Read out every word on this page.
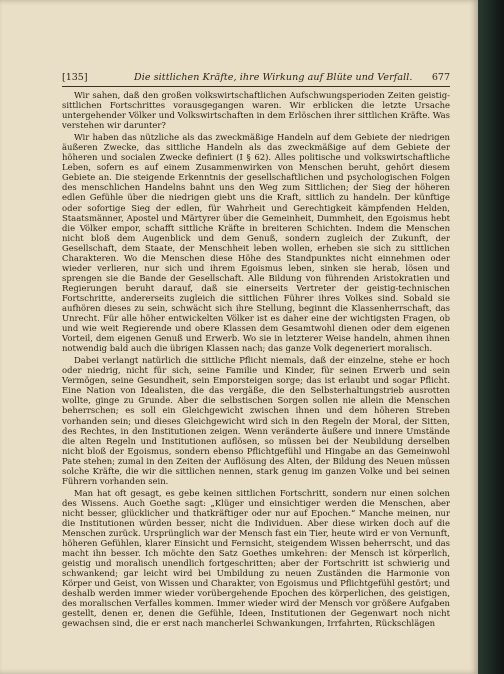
[135]	Die sittlichen Kräfte, ihre Wirkung auf Blüte und Verfall. 677

Wir sahen, daß den großen volkswirtschaftlichen Aufschwungsperioden Zeiten geistig-sittlichen Fortschrittes vorausgegangen waren. Wir erblicken die letzte Ursache untergehender Völker und Volkswirtschaften in dem Erlöschen ihrer sittlichen Kräfte. Was verstehen wir darunter?

Wir haben das nützliche als das zweckmäßige Handeln auf dem Gebiete der niedrigen äußeren Zwecke, das sittliche Handeln als das zweckmäßige auf dem Gebiete der höheren und socialen Zwecke definiert (I § 62). Alles politische und volkswirtschaftliche Leben, sofern es auf einem Zusammenwirken von Menschen beruht, gehört diesem Gebiete an. Die steigende Erkenntnis der gesellschaftlichen und psychologischen Folgen des menschlichen Handelns bahnt uns den Weg zum Sittlichen; der Sieg der höheren edlen Gefühle über die niedrigen giebt uns die Kraft, sittlich zu handeln. Der künftige oder sofortige Sieg der edlen, für Wahrheit und Gerechtigkeit kämpfenden Helden, Staatsmänner, Apostel und Märtyrer über die Gemeinheit, Dummheit, den Egoismus hebt die Völker empor, schafft sittliche Kräfte in breiteren Schichten. Indem die Menschen nicht bloß dem Augenblick und dem Genuß, sondern zugleich der Zukunft, der Gesellschaft, dem Staate, der Menschheit leben wollen, erheben sie sich zu sittlichen Charakteren. Wo die Menschen diese Höhe des Standpunktes nicht einnehmen oder wieder verlieren, nur sich und ihrem Egoismus leben, sinken sie herab, lösen und sprengen sie die Bande der Gesellschaft. Alle Bildung von führenden Aristokratien und Regierungen beruht darauf, daß sie einerseits Vertreter der geistig-technischen Fortschritte, andererseits zugleich die sittlichen Führer ihres Volkes sind. Sobald sie aufhören dieses zu sein, schwächt sich ihre Stellung, beginnt die Klassenherrschaft, das Unrecht. Für alle höher entwickelten Völker ist es daher eine der wichtigsten Fragen, ob und wie weit Regierende und obere Klassen dem Gesamtwohl dienen oder dem eigenen Vorteil, dem eigenen Genuß und Erwerb. Wo sie in letzterer Weise handeln, ahmen ihnen notwendig bald auch die übrigen Klassen nach; das ganze Volk degeneriert moralisch.

Dabei verlangt natürlich die sittliche Pflicht niemals, daß der einzelne, stehe er hoch oder niedrig, nicht für sich, seine Familie und Kinder, für seinen Erwerb und sein Vermögen, seine Gesundheit, sein Emporsteigen sorge; das ist erlaubt und sogar Pflicht. Eine Nation von Idealisten, die das vergäße, die den Selbsterhaltungstrieb ausrotten wollte, ginge zu Grunde. Aber die selbstischen Sorgen sollen nie allein die Menschen beherrschen; es soll ein Gleichgewicht zwischen ihnen und dem höheren Streben vorhanden sein; und dieses Gleichgewicht wird sich in den Regeln der Moral, der Sitten, des Rechtes, in den Institutionen zeigen. Wenn veränderte äußere und innere Umstände die alten Regeln und Institutionen auflösen, so müssen bei der Neubildung derselben nicht bloß der Egoismus, sondern ebenso Pflichtgefühl und Hingabe an das Gemeinwohl Pate stehen; zumal in den Zeiten der Auflösung des Alten, der Bildung des Neuen müssen solche Kräfte, die wir die sittlichen nennen, stark genug im ganzen Volke und bei seinen Führern vorhanden sein.

Man hat oft gesagt, es gebe keinen sittlichen Fortschritt, sondern nur einen solchen des Wissens. Auch Goethe sagt: „Klüger und einsichtiger werden die Menschen, aber nicht besser, glücklicher und thatkräftiger oder nur auf Epochen.“ Manche meinen, nur die Institutionen würden besser, nicht die Individuen. Aber diese wirken doch auf die Menschen zurück. Ursprünglich war der Mensch fast ein Tier, heute wird er von Vernunft, höheren Gefühlen, klarer Einsicht und Fernsicht, steigendem Wissen beherrscht, und das macht ihn besser. Ich möchte den Satz Goethes umkehren: der Mensch ist körperlich, geistig und moralisch unendlich fortgeschritten; aber der Fortschritt ist schwierig und schwankend; gar leicht wird bei Umbildung zu neuen Zuständen die Harmonie von Körper und Geist, von Wissen und Charakter, von Egoismus und Pflichtgefühl gestört; und deshalb werden immer wieder vorübergehende Epochen des körperlichen, des geistigen, des moralischen Verfalles kommen. Immer wieder wird der Mensch vor größere Aufgaben gestellt, denen er, denen die Gefühle, Ideen, Institutionen der Gegenwart noch nicht gewachsen sind, die er erst nach mancherlei Schwankungen, Irrfahrten, Rückschlägen
